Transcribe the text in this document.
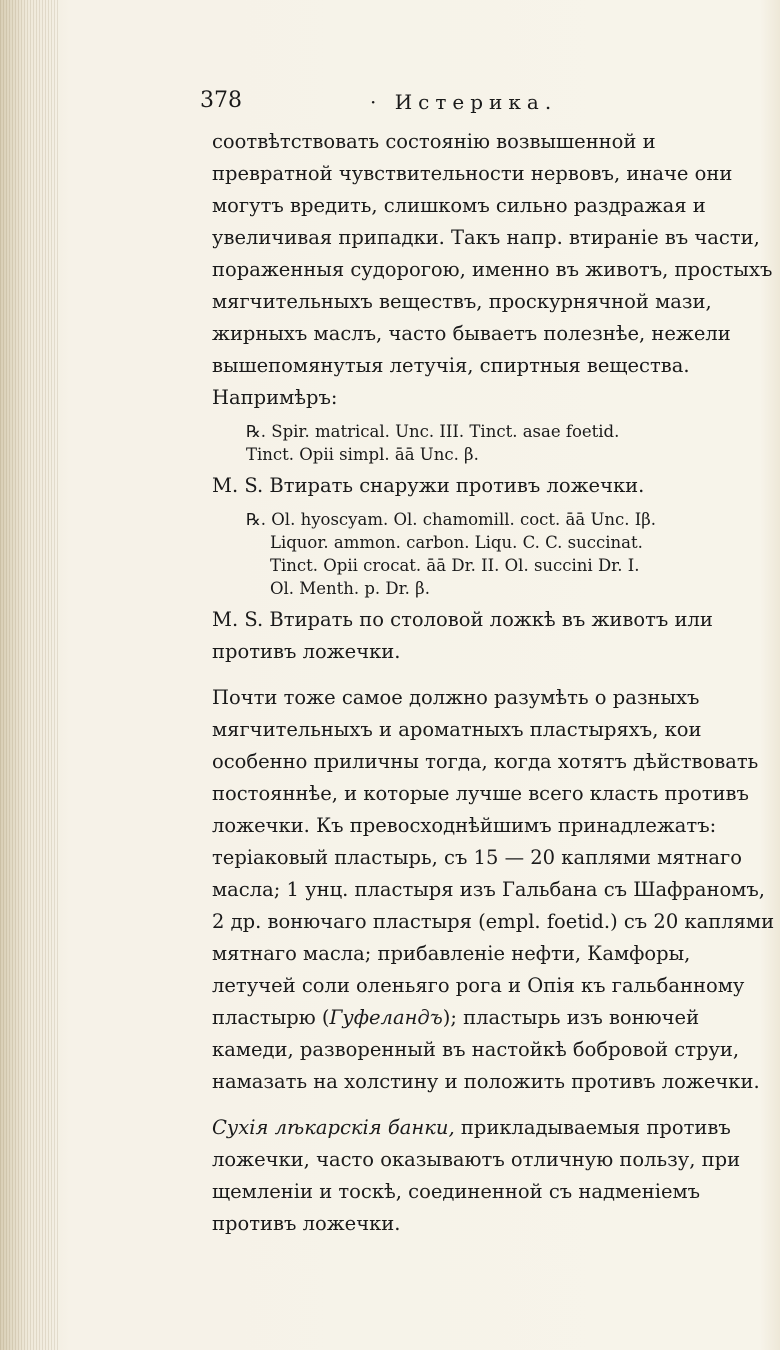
378	· Истерика.

соотвѣтствовать состоянію возвышенной и превратной чувствительности нервовъ, иначе они могутъ вредить, слишкомъ сильно раздражая и увеличивая припадки. Такъ напр. втираніе въ части, пораженныя судорогою, именно въ животъ, простыхъ мягчительныхъ веществъ, проскурнячной мази, жирныхъ маслъ, часто бываетъ полезнѣе, нежели вышепомянутыя летучія, спиртныя вещества. Напримѣръ:

℞. Spir. matrical. Unc. III. Tinct. asae foetid.
Tinct. Opii simpl. āā Unc. β.

M. S. Втирать снаружи противъ ложечки.

℞. Ol. hyoscyam. Ol. chamomill. coct. āā Unc. Iβ.
Liquor. ammon. carbon. Liqu. C. C. succinat.
Tinct. Opii crocat. āā Dr. II. Ol. succini Dr. I.
Ol. Menth. p. Dr. β.

M. S. Втирать по столовой ложкѣ въ животъ или противъ ложечки.

Почти тоже самое должно разумѣть о разныхъ мягчительныхъ и ароматныхъ пластыряхъ, кои особенно приличны тогда, когда хотятъ дѣйствовать постояннѣе, и которые лучше всего класть противъ ложечки. Къ превосходнѣйшимъ принадлежатъ: теріаковый пластырь, съ 15 — 20 каплями мятнаго масла; 1 унц. пластыря изъ Гальбана съ Шафраномъ, 2 др. вонючаго пластыря (empl. foetid.) съ 20 каплями мятнаго масла; прибавленіе нефти, Камфоры, летучей соли оленьяго рога и Опія къ гальбанному пластырю (Гуфеландъ); пластырь изъ вонючей камеди, разворенный въ настойкѣ бобровой струи, намазать на холстину и положить противъ ложечки.

Сухія лѣкарскія банки, прикладываемыя противъ ложечки, часто оказываютъ отличную пользу, при щемленіи и тоскѣ, соединенной съ надменіемъ противъ ложечки.
